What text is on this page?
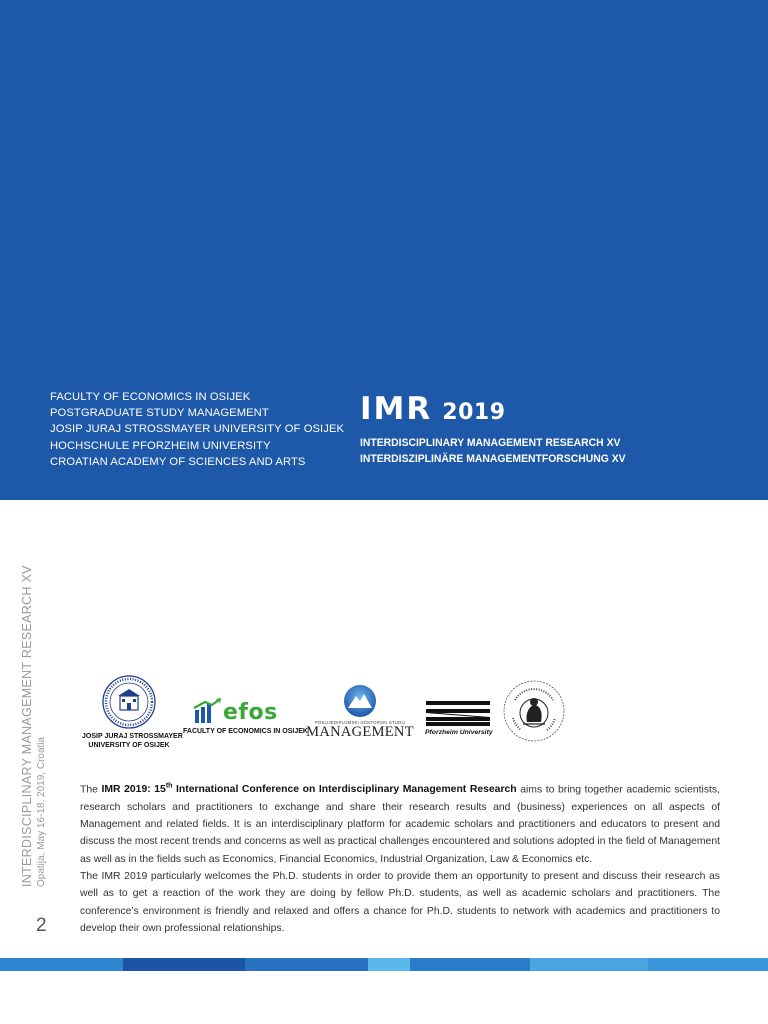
FACULTY OF ECONOMICS IN OSIJEK
POSTGRADUATE STUDY MANAGEMENT
JOSIP JURAJ STROSSMAYER UNIVERSITY OF OSIJEK
HOCHSCHULE PFORZHEIM UNIVERSITY
CROATIAN ACADEMY OF SCIENCES AND ARTS
IMR 2019
INTERDISCIPLINARY MANAGEMENT RESEARCH XV
INTERDISZIPLINÄRE MANAGEMENTFORSCHUNG XV
INTERDISCIPLINARY MANAGEMENT RESEARCH XV Opatija, May 16-18, 2019, Croatia
2
JOSIP JURAJ STROSSMAYER
UNIVERSITY OF OSIJEK
efos
FACULTY OF ECONOMICS IN OSIJEK
POSLIJEDIPLOMSKI DOKTORSKI STUDIJ
MANAGEMENT Pforzheim University

The IMR 2019: 15th International Conference on Interdisciplinary Management Research aims to bring together academic scientists, research scholars and practitioners to exchange and share their research results and (business) experiences on all aspects of Management and related fields. It is an interdisciplinary platform for academic scholars and practitioners and educators to present and discuss the most recent trends and concerns as well as practical challenges encountered and solutions adopted in the field of Management as well as in the fields such as Economics, Financial Economics, Industrial Organization, Law & Economics etc.

The IMR 2019 particularly welcomes the Ph.D. students in order to provide them an opportunity to present and discuss their research as well as to get a reaction of the work they are doing by fellow Ph.D. students, as well as academic scholars and practitioners. The conference’s environment is friendly and relaxed and offers a chance for Ph.D. students to network with academics and practitioners to develop their own professional relationships.
